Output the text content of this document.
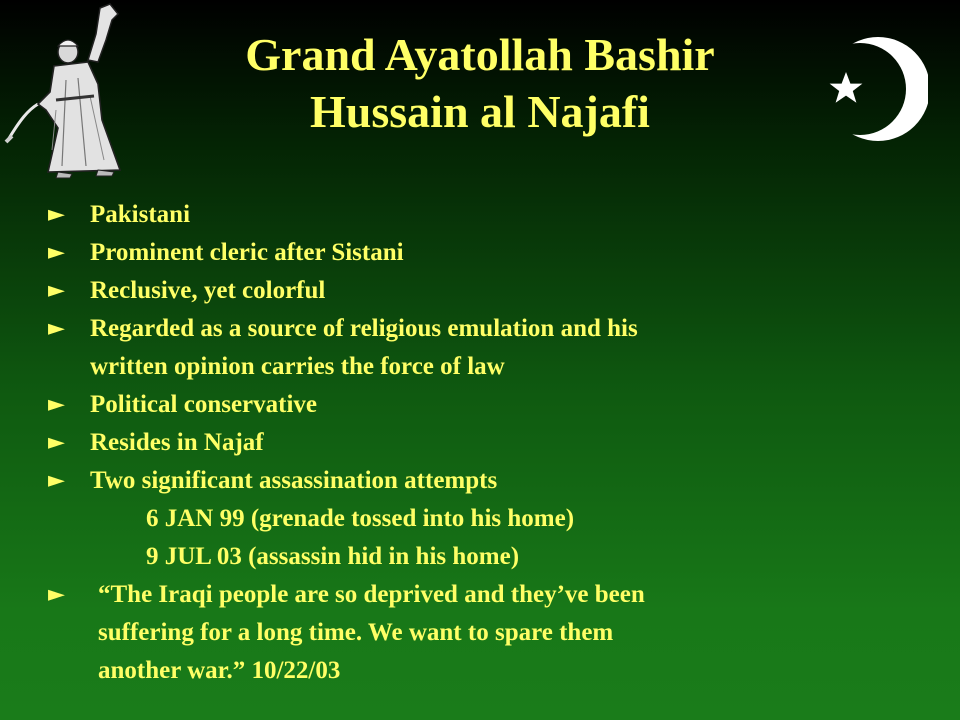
Grand Ayatollah Bashir
Hussain al Najafi
► Pakistani
► Prominent cleric after Sistani
► Reclusive, yet colorful
► Regarded as a source of religious emulation and his
written opinion carries the force of law
► Political conservative
► Resides in Najaf
► Two significant assassination attempts
6 JAN 99 (grenade tossed into his home)
9 JUL 03 (assassin hid in his home)
► “The Iraqi people are so deprived and they’ve been
suffering for a long time. We want to spare them
another war.” 10/22/03
